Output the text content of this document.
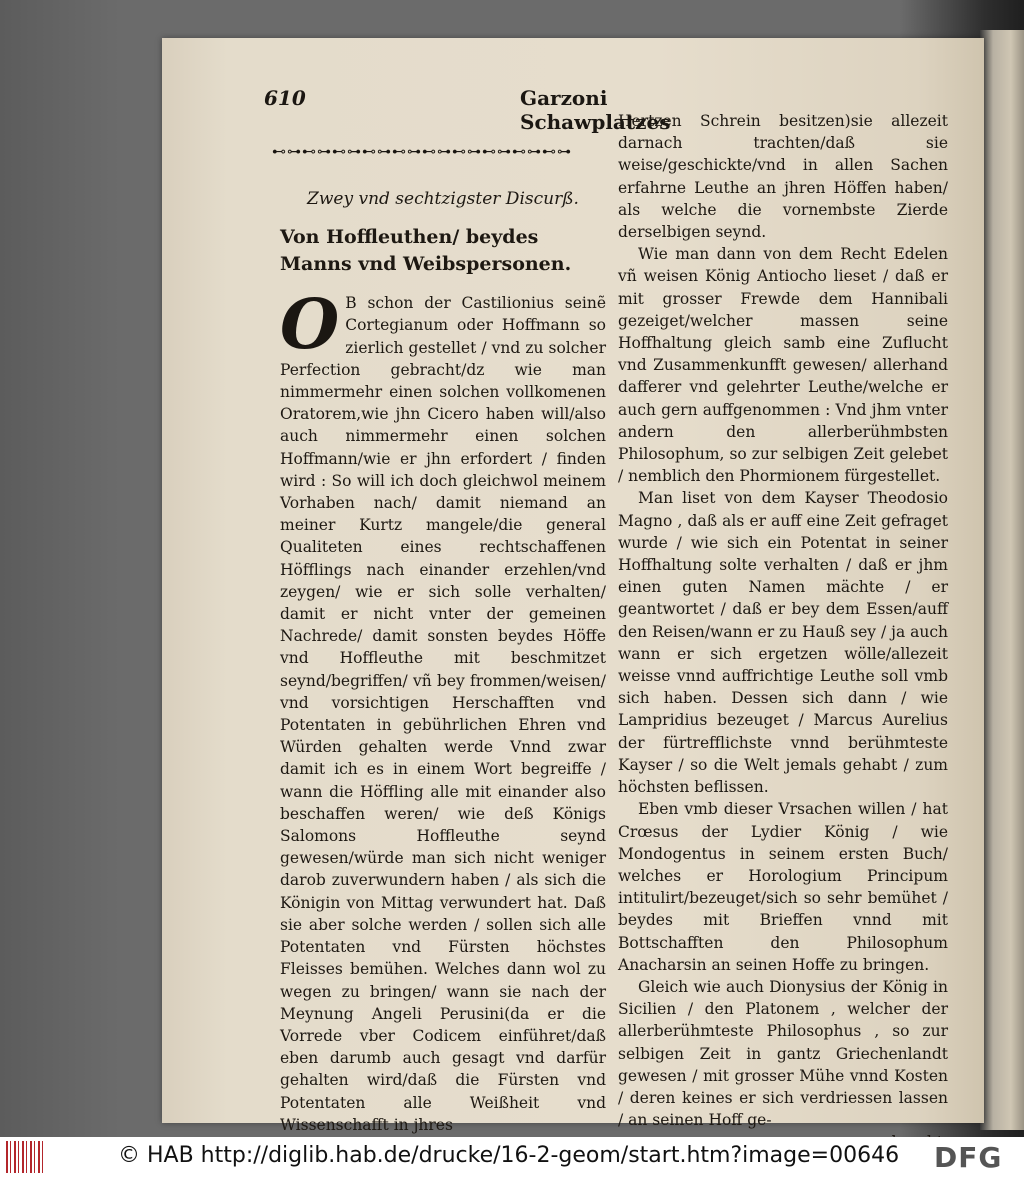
610	Garzoni Schawplatzes
⊷⊶⊷⊶⊷⊶⊷⊶⊷⊶⊷⊶⊷⊶⊷⊶⊷⊶⊷⊶
Zwey vnd sechtzigster Discurß.
Von Hoffleuthen/ beydes Manns vnd Weibspersonen.
O B schon der Castilionius seinẽ Cortegianum oder Hoffmann so zierlich gestellet / vnd zu solcher Perfection gebracht/dz wie man nimmermehr einen solchen vollkomenen Oratorem,wie jhn Cicero haben will/also auch nimmermehr einen solchen Hoffmann/wie er jhn erfordert / finden wird : So will ich doch gleichwol meinem Vorhaben nach/ damit niemand an meiner Kurtz mangele/die general Qualiteten eines rechtschaffenen Höfflings nach einander erzehlen/vnd zeygen/ wie er sich solle verhalten/ damit er nicht vnter der gemeinen Nachrede/ damit sonsten beydes Höffe vnd Hoffleuthe mit beschmitzet seynd/begriffen/ vñ bey frommen/weisen/ vnd vorsichtigen Herschafften vnd Potentaten in gebührlichen Ehren vnd Würden gehalten werde Vnnd zwar damit ich es in einem Wort begreiffe / wann die Höffling alle mit einander also beschaffen weren/ wie deß Königs Salomons Hoffleuthe seynd gewesen/würde man sich nicht weniger darob zuverwundern haben / als sich die Königin von Mittag verwundert hat. Daß sie aber solche werden / sollen sich alle Potentaten vnd Fürsten höchstes Fleisses bemühen. Welches dann wol zu wegen zu bringen/ wann sie nach der Meynung Angeli Perusini(da er die Vorrede vber Codicem einführet/daß eben darumb auch gesagt vnd darfür gehalten wird/daß die Fürsten vnd Potentaten alle Weißheit vnd Wissenschafft in jhres
Hertzen Schrein besitzen)sie allezeit darnach trachten/daß sie weise/geschickte/vnd in allen Sachen erfahrne Leuthe an jhren Höffen haben/ als welche die vornembste Zierde derselbigen seynd.
Wie man dann von dem Recht Edelen vñ weisen König Antiocho lieset / daß er mit grosser Frewde dem Hannibali gezeiget/welcher massen seine Hoffhaltung gleich samb eine Zuflucht vnd Zusammenkunfft gewesen/ allerhand dafferer vnd gelehrter Leuthe/welche er auch gern auffgenommen : Vnd jhm vnter andern den allerberühmbsten Philosophum, so zur selbigen Zeit gelebet / nemblich den Phormionem fürgestellet.
Man liset von dem Kayser Theodosio Magno , daß als er auff eine Zeit gefraget wurde / wie sich ein Potentat in seiner Hoffhaltung solte verhalten / daß er jhm einen guten Namen mächte / er geantwortet / daß er bey dem Essen/auff den Reisen/wann er zu Hauß sey / ja auch wann er sich ergetzen wölle/allezeit weisse vnnd auffrichtige Leuthe soll vmb sich haben. Dessen sich dann / wie Lampridius bezeuget / Marcus Aurelius der fürtrefflichste vnnd berühmteste Kayser / so die Welt jemals gehabt / zum höchsten beflissen.
Eben vmb dieser Vrsachen willen / hat Crœsus der Lydier König / wie Mondogentus in seinem ersten Buch/ welches er Horologium Principum intitulirt/bezeuget/sich so sehr bemühet / beydes mit Brieffen vnnd mit Bottschafften den Philosophum Anacharsin an seinen Hoffe zu bringen.
Gleich wie auch Dionysius der König in Sicilien / den Platonem , welcher der allerberühmteste Philosophus , so zur selbigen Zeit in gantz Griechenlandt gewesen / mit grosser Mühe vnnd Kosten / deren keines er sich verdriessen lassen / an seinen Hoff ge-
© HAB http://diglib.hab.de/drucke/16-2-geom/start.htm?image=00646 DFG
